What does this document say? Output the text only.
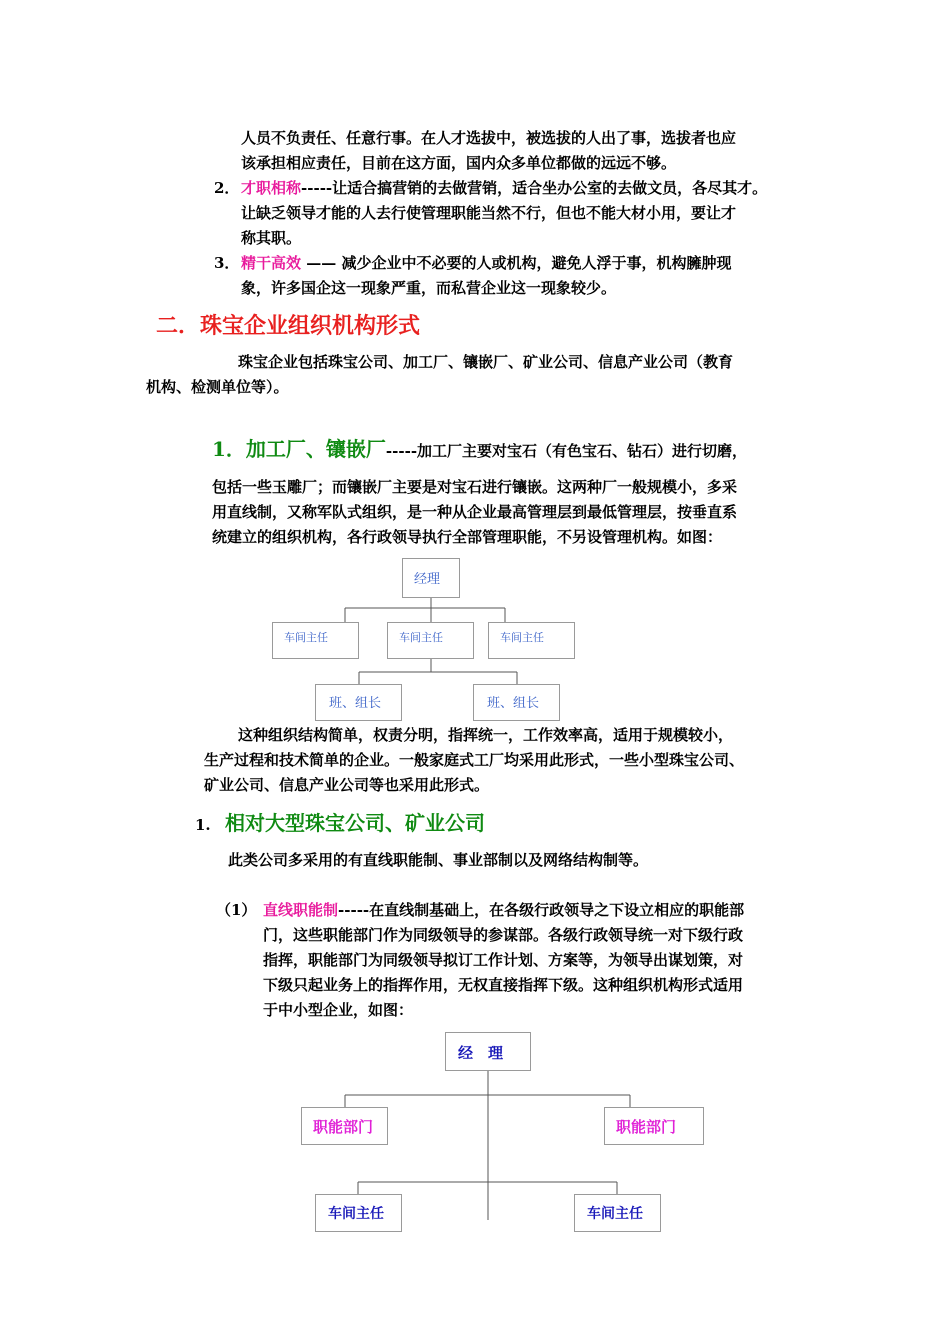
人员不负责任、任意行事。在人才选拔中，被选拔的人出了事，选拔者也应
该承担相应责任，目前在这方面，国内众多单位都做的远远不够。
2． 才职相称-----让适合搞营销的去做营销，适合坐办公室的去做文员，各尽其才。
让缺乏领导才能的人去行使管理职能当然不行，但也不能大材小用，要让才
称其职。
3． 精干高效 —— 减少企业中不必要的人或机构，避免人浮于事，机构臃肿现
象，许多国企这一现象严重，而私营企业这一现象较少。
二．珠宝企业组织机构形式
珠宝企业包括珠宝公司、加工厂、镶嵌厂、矿业公司、信息产业公司（教育
机构、检测单位等）。
1．加工厂、镶嵌厂-----加工厂主要对宝石（有色宝石、钻石）进行切磨，
包括一些玉雕厂；而镶嵌厂主要是对宝石进行镶嵌。这两种厂一般规模小，多采
用直线制，又称军队式组织，是一种从企业最高管理层到最低管理层，按垂直系
统建立的组织机构，各行政领导执行全部管理职能，不另设管理机构。如图：
经理
车间主任	车间主任	车间主任
班、组长	班、组长
这种组织结构简单，权责分明，指挥统一，工作效率高，适用于规模较小，
生产过程和技术简单的企业。一般家庭式工厂均采用此形式，一些小型珠宝公司、
矿业公司、信息产业公司等也采用此形式。
1. 相对大型珠宝公司、矿业公司
此类公司多采用的有直线职能制、事业部制以及网络结构制等。
（1） 直线职能制-----在直线制基础上，在各级行政领导之下设立相应的职能部
门，这些职能部门作为同级领导的参谋部。各级行政领导统一对下级行政
指挥，职能部门为同级领导拟订工作计划、方案等，为领导出谋划策，对
下级只起业务上的指挥作用，无权直接指挥下级。这种组织机构形式适用
于中小型企业，如图：
经　理
职能部门	职能部门
车间主任	车间主任
